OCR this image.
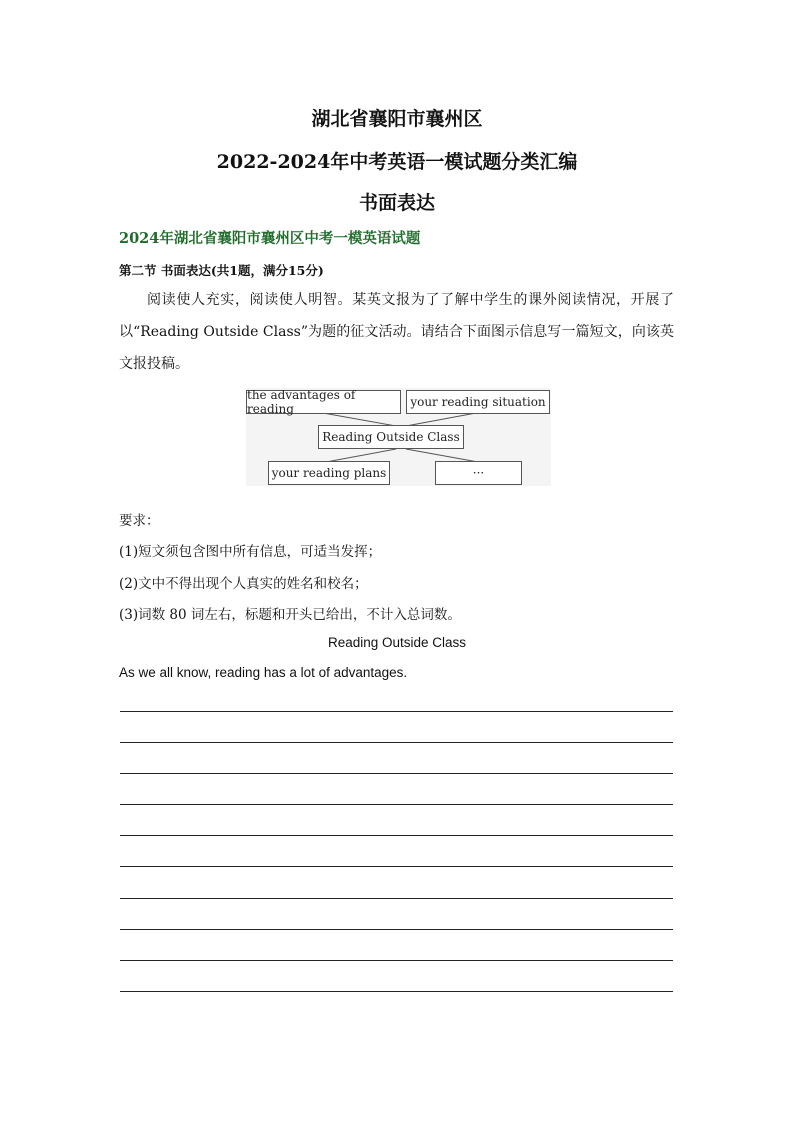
湖北省襄阳市襄州区
2022-2024年中考英语一模试题分类汇编
书面表达
2024年湖北省襄阳市襄州区中考一模英语试题
第二节 书面表达(共1题，满分15分)
阅读使人充实，阅读使人明智。某英文报为了了解中学生的课外阅读情况，开展了以“Reading Outside Class”为题的征文活动。请结合下面图示信息写一篇短文，向该英文报投稿。
the advantages of reading	your reading situation
Reading Outside Class
your reading plans	···
要求：
(1)短文须包含图中所有信息，可适当发挥；
(2)文中不得出现个人真实的姓名和校名；
(3)词数 80 词左右，标题和开头已给出，不计入总词数。
Reading Outside Class
As we all know, reading has a lot of advantages.
